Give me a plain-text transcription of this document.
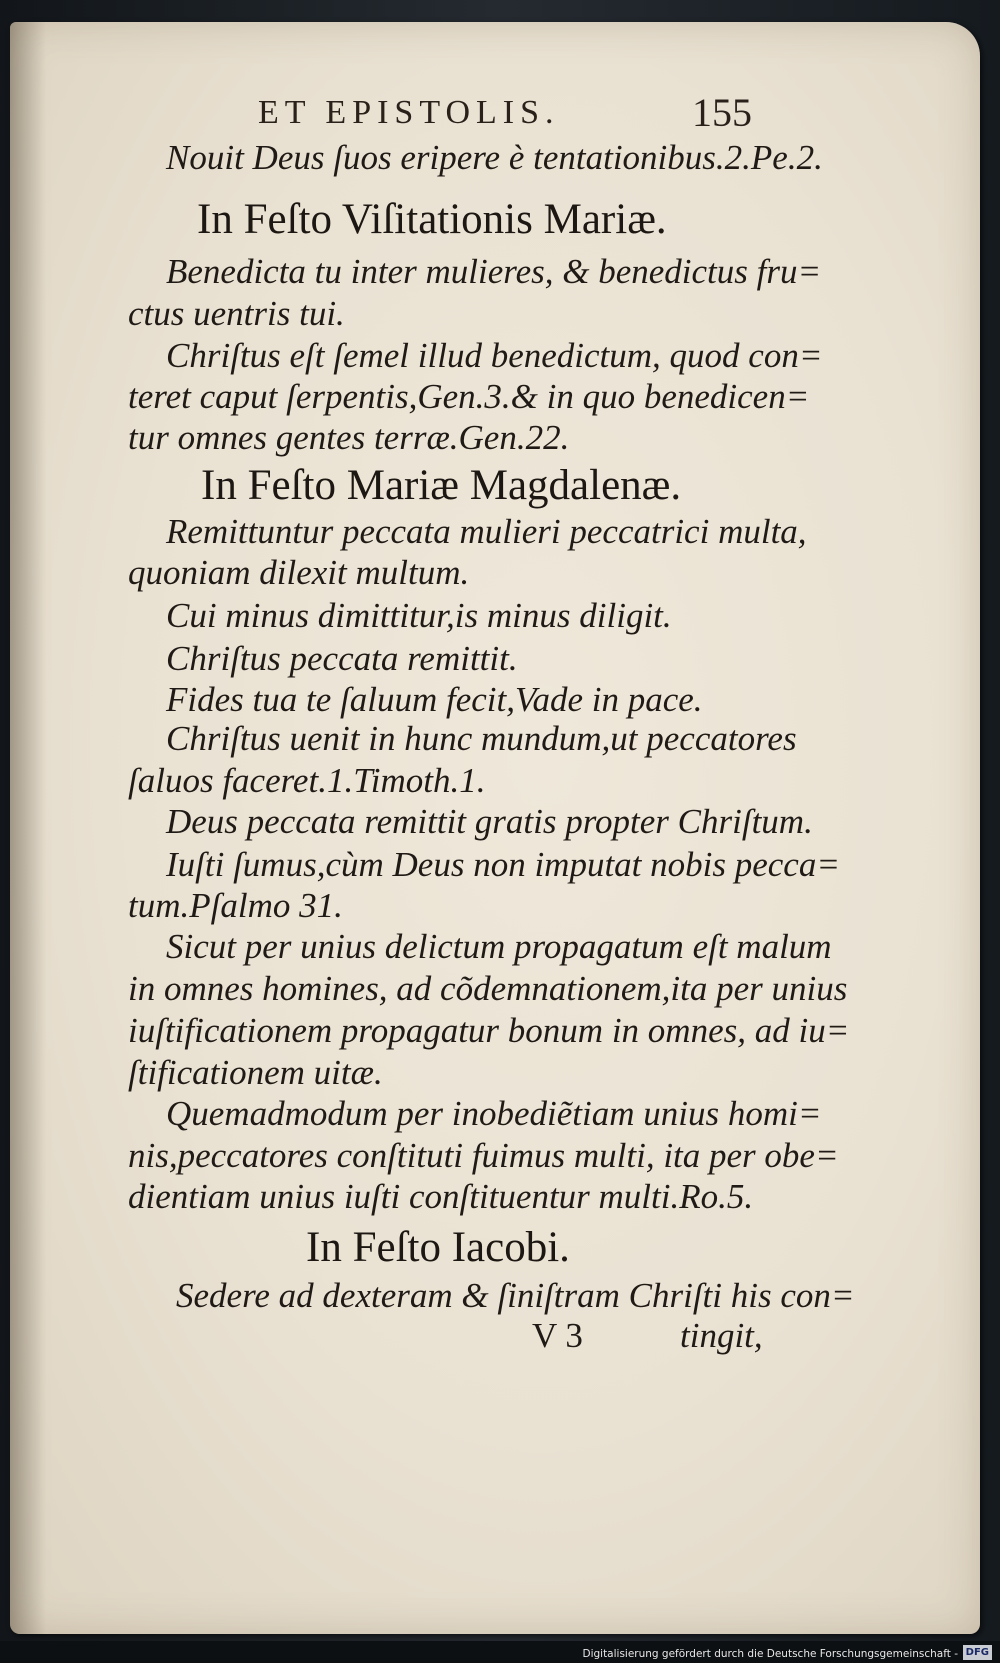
ET EPISTOLIS.	155
Nouit Deus ſuos eripere è tentationibus.2.Pe.2.
In Feſto Viſitationis Mariæ.
Benedicta tu inter mulieres, & benedictus fru=
ctus uentris tui.
Chriſtus eſt ſemel illud benedictum, quod con=
teret caput ſerpentis,Gen.3.& in quo benedicen=
tur omnes gentes terræ.Gen.22.
In Feſto Mariæ Magdalenæ.
Remittuntur peccata mulieri peccatrici multa,
quoniam dilexit multum.
Cui minus dimittitur,is minus diligit.
Chriſtus peccata remittit.
Fides tua te ſaluum fecit,Vade in pace.
Chriſtus uenit in hunc mundum,ut peccatores
ſaluos faceret.1.Timoth.1.
Deus peccata remittit gratis propter Chriſtum.
Iuſti ſumus,cùm Deus non imputat nobis pecca=
tum.Pſalmo 31.
Sicut per unius delictum propagatum eſt malum
in omnes homines, ad cõdemnationem,ita per unius
iuſtificationem propagatur bonum in omnes, ad iu=
ſtificationem uitæ.
Quemadmodum per inobediẽtiam unius homi=
nis,peccatores conſtituti fuimus multi, ita per obe=
dientiam unius iuſti conſtituentur multi.Ro.5.
In Feſto Iacobi.
Sedere ad dexteram & ſiniſtram Chriſti his con=
V 3	tingit,
Digitalisierung gefördert durch die Deutsche Forschungsgemeinschaft - DFG
